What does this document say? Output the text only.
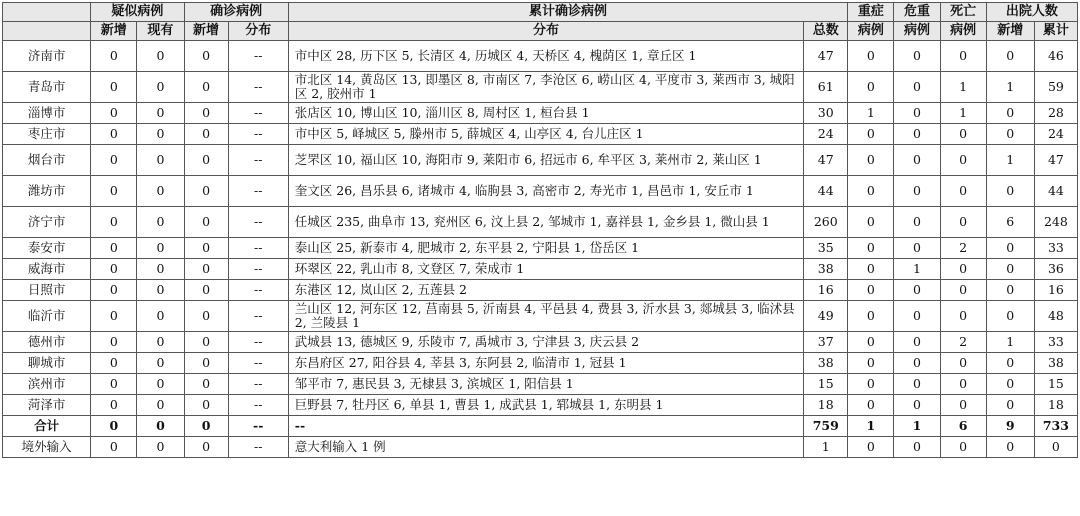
	疑似病例		确诊病例		累计确诊病例		重症	危重	死亡	出院人数	
	新增	现有	新增	分布	分布	总数	病例	病例	病例	新增	累计
济南市	0	0	0	--	市中区 28, 历下区 5, 长清区 4, 历城区 4, 天桥区 4, 槐荫区 1, 章丘区 1	47	0	0	0	0	46
青岛市	0	0	0	--	市北区 14, 黄岛区 13, 即墨区 8, 市南区 7, 李沧区 6, 崂山区 4, 平度市 3, 莱西市 3, 城阳区 2, 胶州市 1	61	0	0	1	1	59
淄博市	0	0	0	--	张店区 10, 博山区 10, 淄川区 8, 周村区 1, 桓台县 1	30	1	0	1	0	28
枣庄市	0	0	0	--	市中区 5, 峄城区 5, 滕州市 5, 薛城区 4, 山亭区 4, 台儿庄区 1	24	0	0	0	0	24
烟台市	0	0	0	--	芝罘区 10, 福山区 10, 海阳市 9, 莱阳市 6, 招远市 6, 牟平区 3, 莱州市 2, 莱山区 1	47	0	0	0	1	47
潍坊市	0	0	0	--	奎文区 26, 昌乐县 6, 诸城市 4, 临朐县 3, 高密市 2, 寿光市 1, 昌邑市 1, 安丘市 1	44	0	0	0	0	44
济宁市	0	0	0	--	任城区 235, 曲阜市 13, 兖州区 6, 汶上县 2, 邹城市 1, 嘉祥县 1, 金乡县 1, 微山县 1	260	0	0	0	6	248
泰安市	0	0	0	--	泰山区 25, 新泰市 4, 肥城市 2, 东平县 2, 宁阳县 1, 岱岳区 1	35	0	0	2	0	33
威海市	0	0	0	--	环翠区 22, 乳山市 8, 文登区 7, 荣成市 1	38	0	1	0	0	36
日照市	0	0	0	--	东港区 12, 岚山区 2, 五莲县 2	16	0	0	0	0	16
临沂市	0	0	0	--	兰山区 12, 河东区 12, 莒南县 5, 沂南县 4, 平邑县 4, 费县 3, 沂水县 3, 郯城县 3, 临沭县 2, 兰陵县 1	49	0	0	0	0	48
德州市	0	0	0	--	武城县 13, 德城区 9, 乐陵市 7, 禹城市 3, 宁津县 3, 庆云县 2	37	0	0	2	1	33
聊城市	0	0	0	--	东昌府区 27, 阳谷县 4, 莘县 3, 东阿县 2, 临清市 1, 冠县 1	38	0	0	0	0	38
滨州市	0	0	0	--	邹平市 7, 惠民县 3, 无棣县 3, 滨城区 1, 阳信县 1	15	0	0	0	0	15
菏泽市	0	0	0	--	巨野县 7, 牡丹区 6, 单县 1, 曹县 1, 成武县 1, 郓城县 1, 东明县 1	18	0	0	0	0	18
合计	0	0	0	--	--	759	1	1	6	9	733
境外输入	0	0	0	--	意大利输入 1 例	1	0	0	0	0	0
